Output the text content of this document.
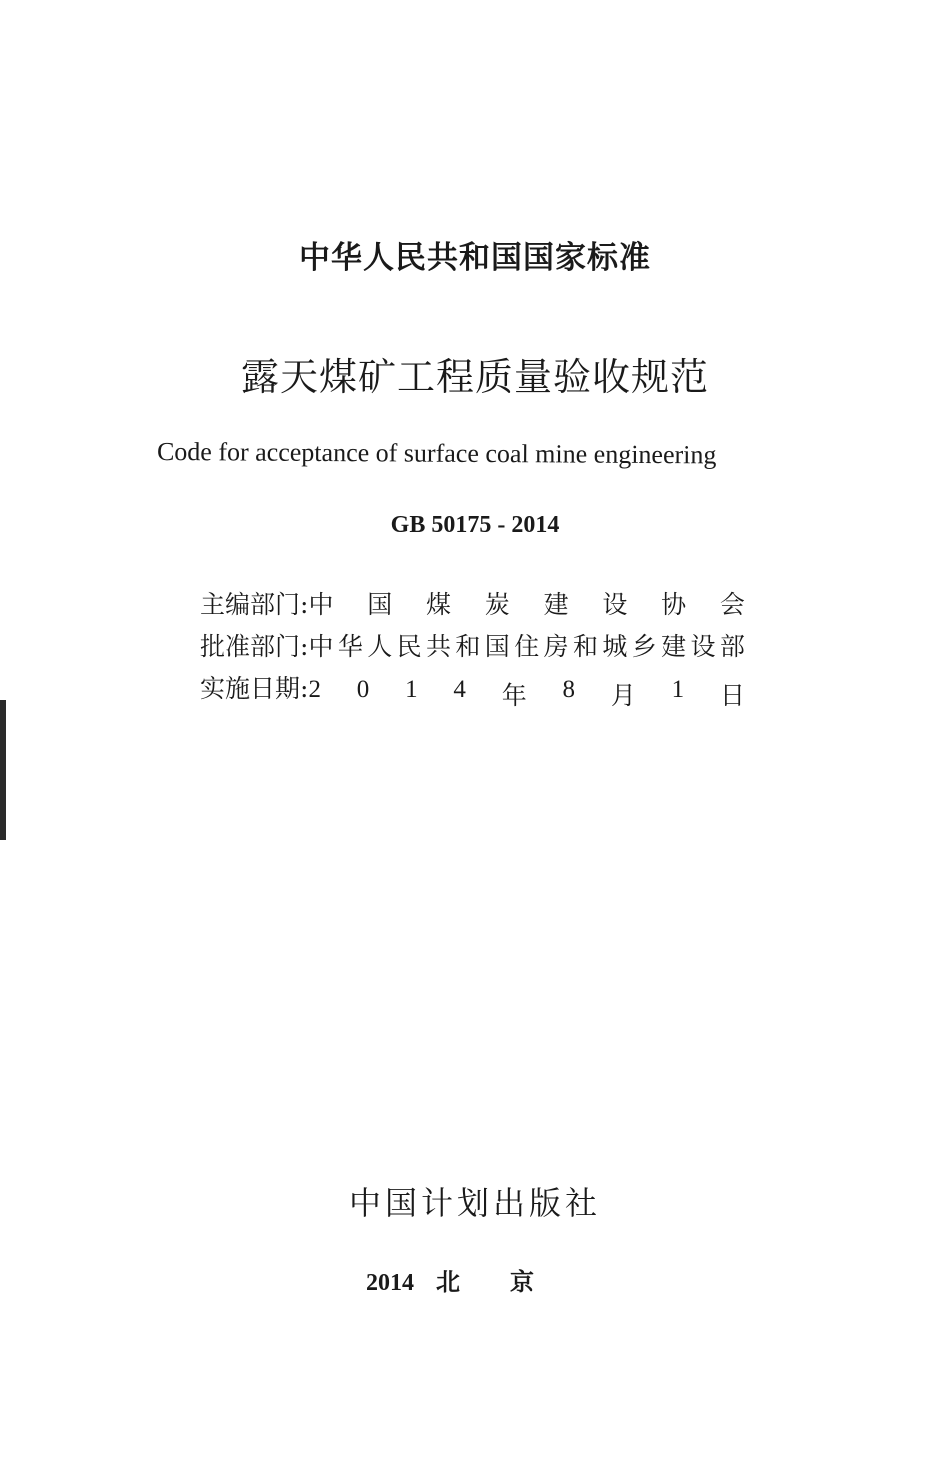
中华人民共和国国家标准
露天煤矿工程质量验收规范
Code for acceptance of surface coal mine engineering
GB 50175 - 2014
主编部门 : 中 国 煤 炭 建 设 协 会
批准部门 : 中 华 人 民 共 和 国 住 房 和 城 乡 建 设 部
实施日期 : 2 0 1 4 年 8 月 1 日
中国计划出版社
2014 北 京
